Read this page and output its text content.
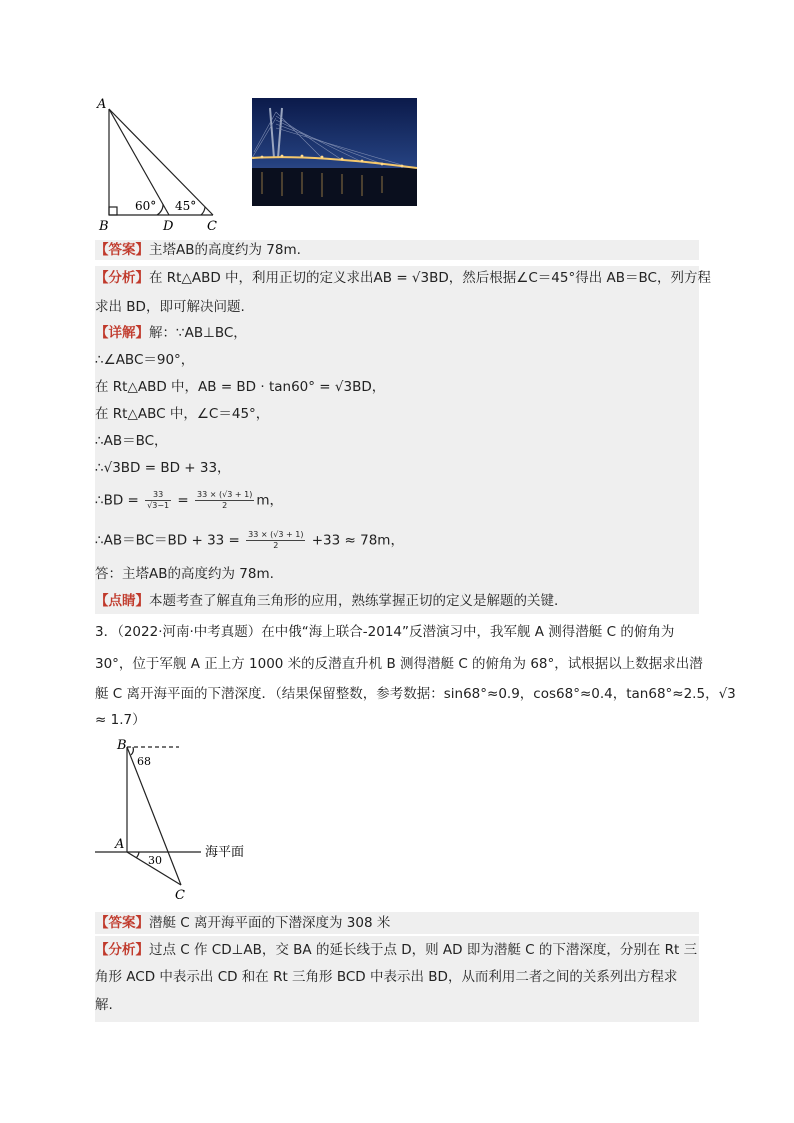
A
B	D	C
60° 45°
【答案】主塔AB的高度约为 78m.
【分析】在 Rt△ABD 中，利用正切的定义求出AB = √3BD，然后根据∠C＝45°得出 AB＝BC，列方程
求出 BD，即可解决问题.
【详解】解：∵AB⊥BC，
∴∠ABC＝90°，
在 Rt△ABD 中，AB = BD · tan60° = √3BD，
在 Rt△ABC 中，∠C＝45°，
∴AB＝BC，
∴√3BD = BD + 33，
∴BD = $\frac{33}{√3-1} = \frac{33 \times (√3 + 1)}{2}$ m，
∴AB＝BC＝BD + $33 = \frac{33 \times (√3 + 1)}{2} +33 \approx 78m$，
答：主塔AB的高度约为 78m.
【点睛】本题考查了解直角三角形的应用，熟练掌握正切的定义是解题的关键.
3．（2022·河南·中考真题）在中俄“海上联合-2014”反潜演习中，我军舰 A 测得潜艇 C 的俯角为
30°，位于军舰 A 正上方 1000 米的反潜直升机 B 测得潜艇 C 的俯角为 68°，试根据以上数据求出潜
艇 C 离开海平面的下潜深度．（结果保留整数，参考数据：sin68°≈0.9，cos68°≈0.4，tan68°≈2.5，√3
≈ 1.7）
B
A
C
68
30
海平面
【答案】潜艇 C 离开海平面的下潜深度为 308 米
【分析】过点 C 作 CD⊥AB，交 BA 的延长线于点 D，则 AD 即为潜艇 C 的下潜深度，分别在 Rt 三
角形 ACD 中表示出 CD 和在 Rt 三角形 BCD 中表示出 BD，从而利用二者之间的关系列出方程求
解.
